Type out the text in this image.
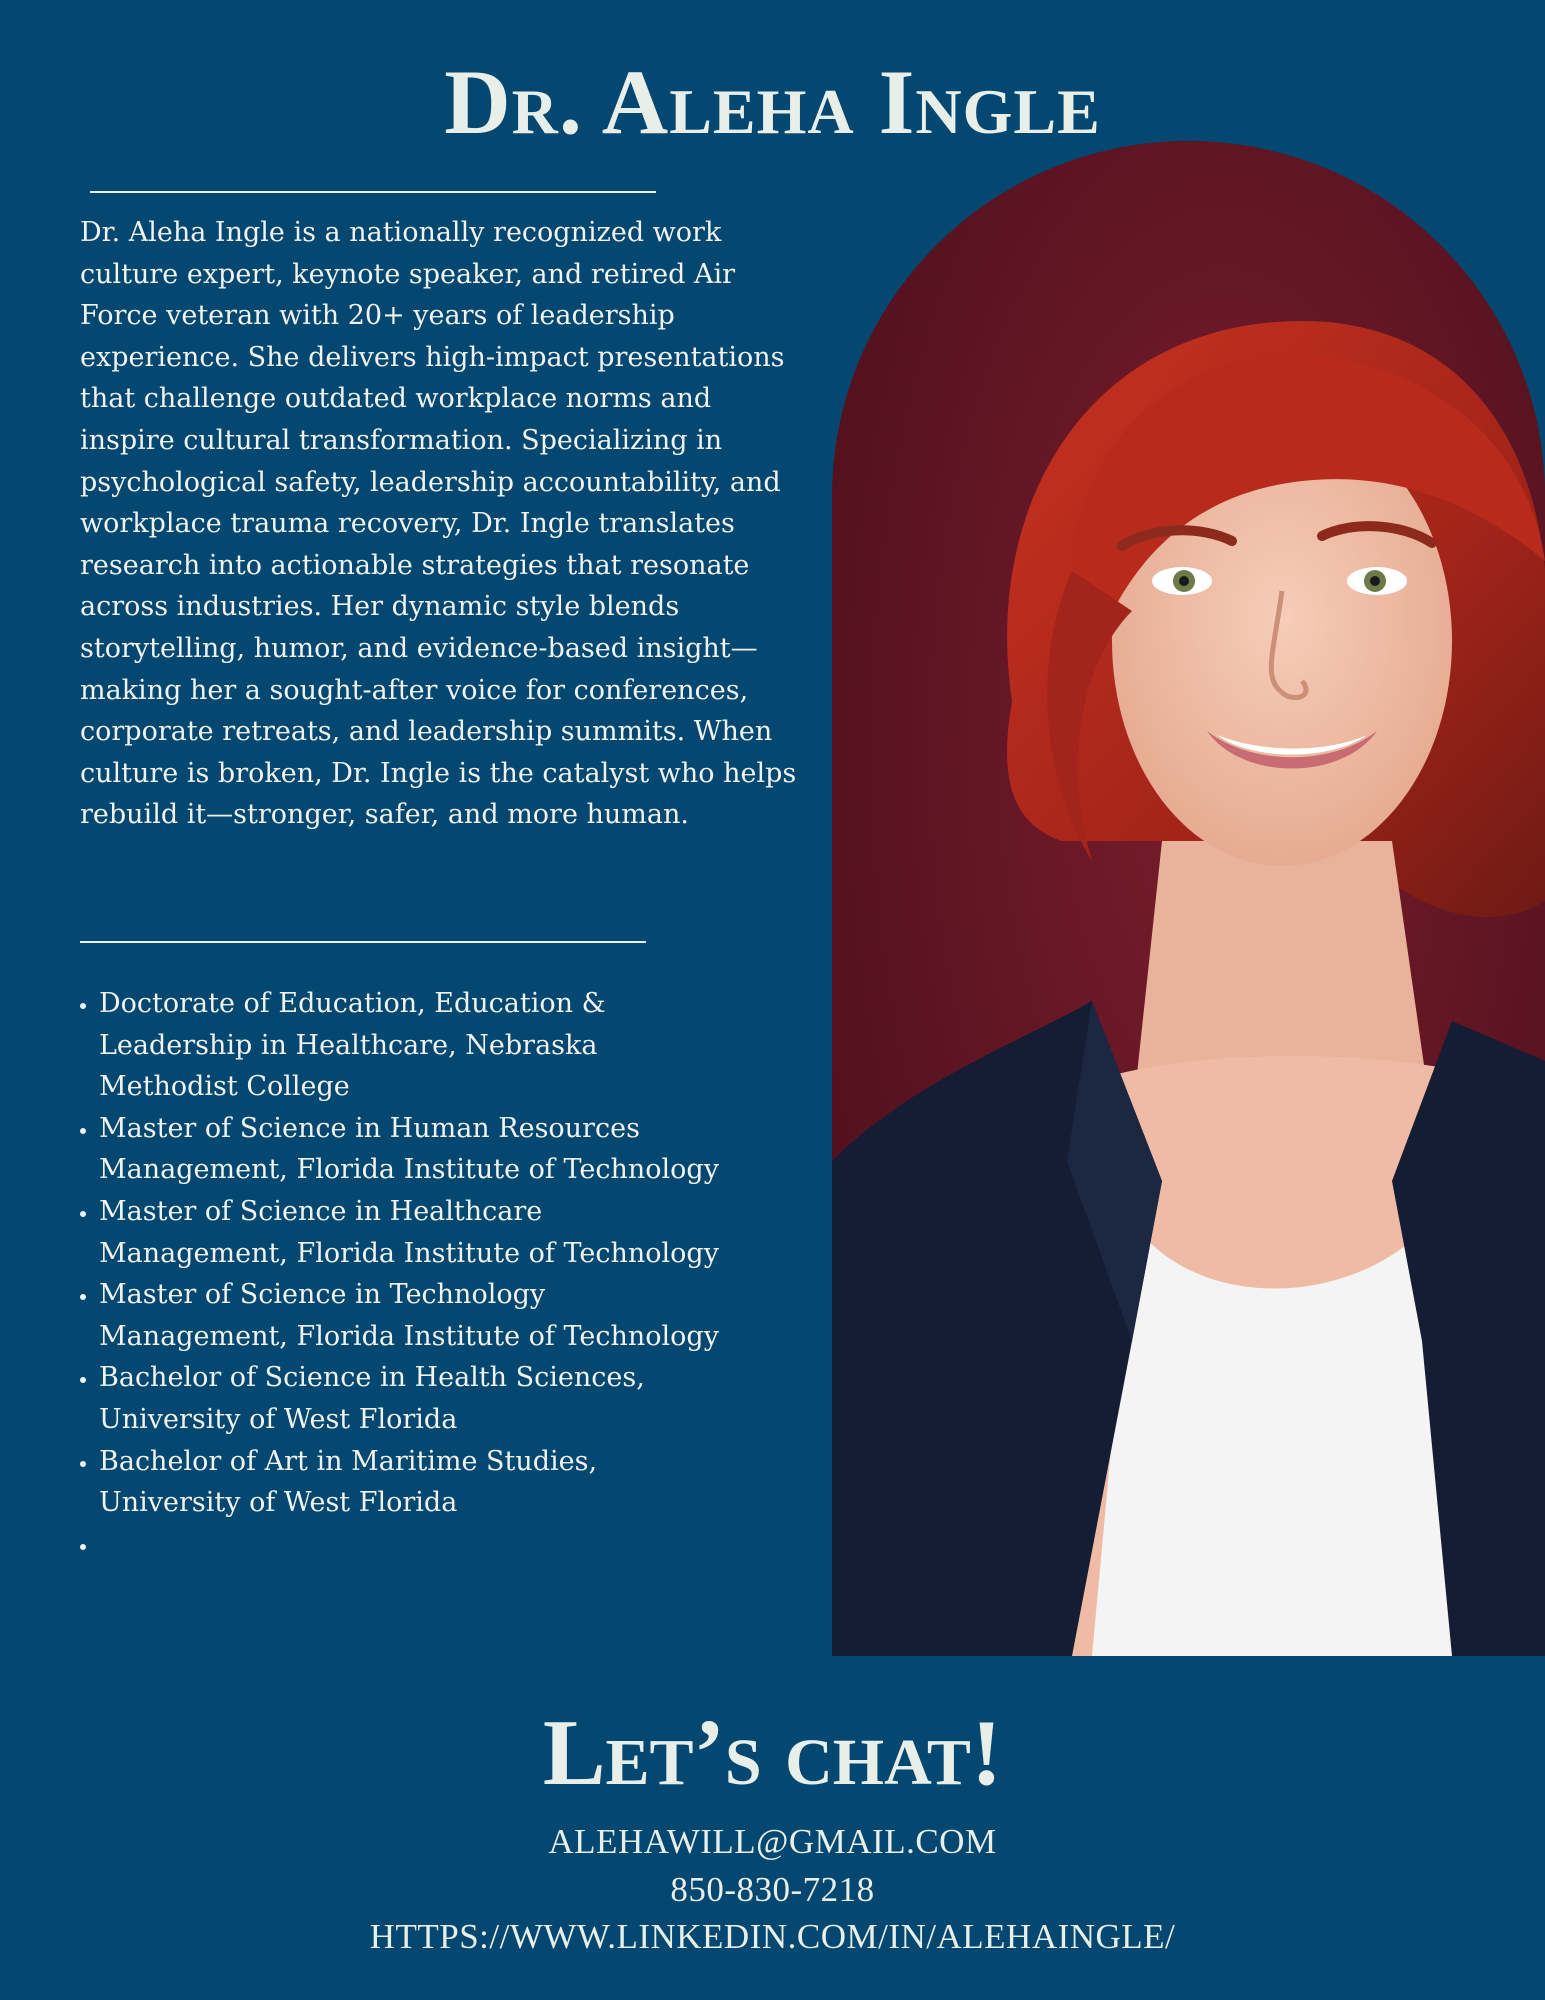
Dr. Aleha Ingle

Dr. Aleha Ingle is a nationally recognized work culture expert, keynote speaker, and retired Air Force veteran with 20+ years of leadership experience. She delivers high-impact presentations that challenge outdated workplace norms and inspire cultural transformation. Specializing in psychological safety, leadership accountability, and workplace trauma recovery, Dr. Ingle translates research into actionable strategies that resonate across industries. Her dynamic style blends storytelling, humor, and evidence-based insight—making her a sought-after voice for conferences, corporate retreats, and leadership summits. When culture is broken, Dr. Ingle is the catalyst who helps rebuild it—stronger, safer, and more human.

• Doctorate of Education, Education & Leadership in Healthcare, Nebraska Methodist College
• Master of Science in Human Resources Management, Florida Institute of Technology
• Master of Science in Healthcare Management, Florida Institute of Technology
• Master of Science in Technology Management, Florida Institute of Technology
• Bachelor of Science in Health Sciences, University of West Florida
• Bachelor of Art in Maritime Studies, University of West Florida
•
Let’s chat!

ALEHAWILL@GMAIL.COM

850-830-7218

HTTPS://WWW.LINKEDIN.COM/IN/ALEHAINGLE/
